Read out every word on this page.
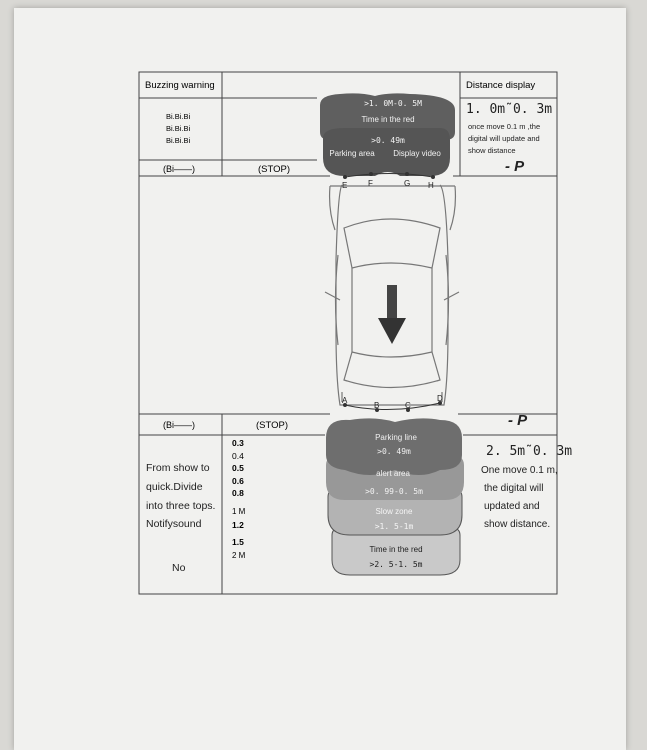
Buzzing warning	Distance display
Bi.Bi.Bi
Bi.Bi.Bi
Bi.Bi.Bi
(Bi——)	(STOP)
>1. 0M-0. 5M
Time in the red
>0. 49m
Parking area Display video
E	F	G H
1. 0m˜0. 3m
once move 0.1 m ,the
digital will update and
show distance
- P
(Bi——)	(STOP)	- P
A
B	C
D
From show to
quick.Divide
into three tops.
Notifysound
No
0.3
0.4
0.5
0.6
0.8
1 M
1.2
1.5
2 M
Parking line
>0. 49m
alert area
>0. 99-0. 5m
Slow zone
>1. 5-1m
Time in the red
>2. 5-1. 5m
2. 5m˜0. 3m
One move 0.1 m,
the digital will
updated and
show distance.
